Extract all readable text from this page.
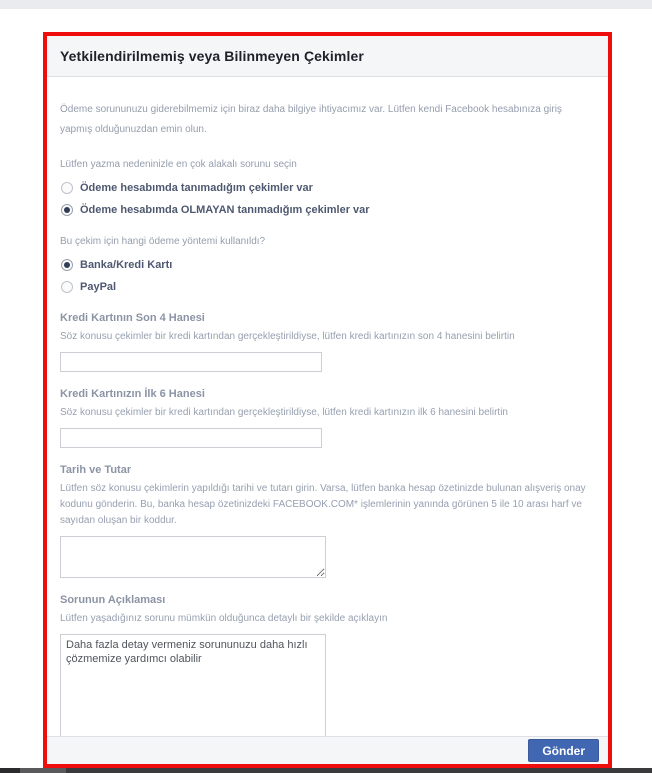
Yetkilendirilmemiş veya Bilinmeyen Çekimler
Ödeme sorununuzu giderebilmemiz için biraz daha bilgiye ihtiyacımız var. Lütfen kendi Facebook hesabınıza giriş yapmış olduğunuzdan emin olun.
Lütfen yazma nedeninizle en çok alakalı sorunu seçin
Ödeme hesabımda tanımadığım çekimler var
Ödeme hesabımda OLMAYAN tanımadığım çekimler var
Bu çekim için hangi ödeme yöntemi kullanıldı?
Banka/Kredi Kartı
PayPal
Kredi Kartının Son 4 Hanesi
Söz konusu çekimler bir kredi kartından gerçekleştirildiyse, lütfen kredi kartınızın son 4 hanesini belirtin
Kredi Kartınızın İlk 6 Hanesi
Söz konusu çekimler bir kredi kartından gerçekleştirildiyse, lütfen kredi kartınızın ilk 6 hanesini belirtin
Tarih ve Tutar
Lütfen söz konusu çekimlerin yapıldığı tarihi ve tutarı girin. Varsa, lütfen banka hesap özetinizde bulunan alışveriş onay kodunu gönderin. Bu, banka hesap özetinizdeki FACEBOOK.COM* işlemlerinin yanında görünen 5 ile 10 arası harf ve sayıdan oluşan bir koddur.
Sorunun Açıklaması
Lütfen yaşadığınız sorunu mümkün olduğunca detaylı bir şekilde açıklayın
Daha fazla detay vermeniz sorununuzu daha hızlı çözmemize yardımcı olabilir
Gönder
